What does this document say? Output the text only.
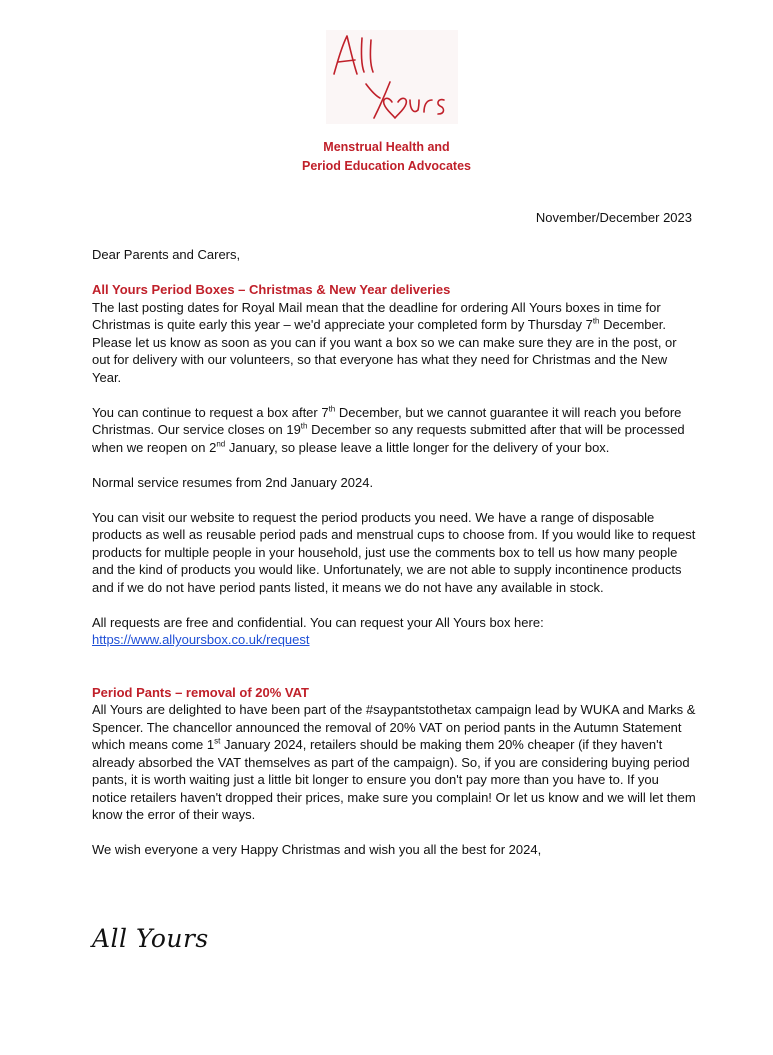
Menstrual Health and
Period Education Advocates
November/December 2023

Dear Parents and Carers,

All Yours Period Boxes – Christmas & New Year deliveries

The last posting dates for Royal Mail mean that the deadline for ordering All Yours boxes in time for Christmas is quite early this year – we'd appreciate your completed form by Thursday 7th December. Please let us know as soon as you can if you want a box so we can make sure they are in the post, or out for delivery with our volunteers, so that everyone has what they need for Christmas and the New Year.

You can continue to request a box after 7th December, but we cannot guarantee it will reach you before Christmas. Our service closes on 19th December so any requests submitted after that will be processed when we reopen on 2nd January, so please leave a little longer for the delivery of your box.

Normal service resumes from 2nd January 2024.

You can visit our website to request the period products you need. We have a range of disposable products as well as reusable period pads and menstrual cups to choose from. If you would like to request products for multiple people in your household, just use the comments box to tell us how many people and the kind of products you would like. Unfortunately, we are not able to supply incontinence products and if we do not have period pants listed, it means we do not have any available in stock.

All requests are free and confidential. You can request your All Yours box here:

https://www.allyoursbox.co.uk/request

Period Pants – removal of 20% VAT

All Yours are delighted to have been part of the #saypantstothetax campaign lead by WUKA and Marks & Spencer. The chancellor announced the removal of 20% VAT on period pants in the Autumn Statement which means come 1st January 2024, retailers should be making them 20% cheaper (if they haven't already absorbed the VAT themselves as part of the campaign). So, if you are considering buying period pants, it is worth waiting just a little bit longer to ensure you don't pay more than you have to. If you notice retailers haven't dropped their prices, make sure you complain! Or let us know and we will let them know the error of their ways.

We wish everyone a very Happy Christmas and wish you all the best for 2024,

All Yours
